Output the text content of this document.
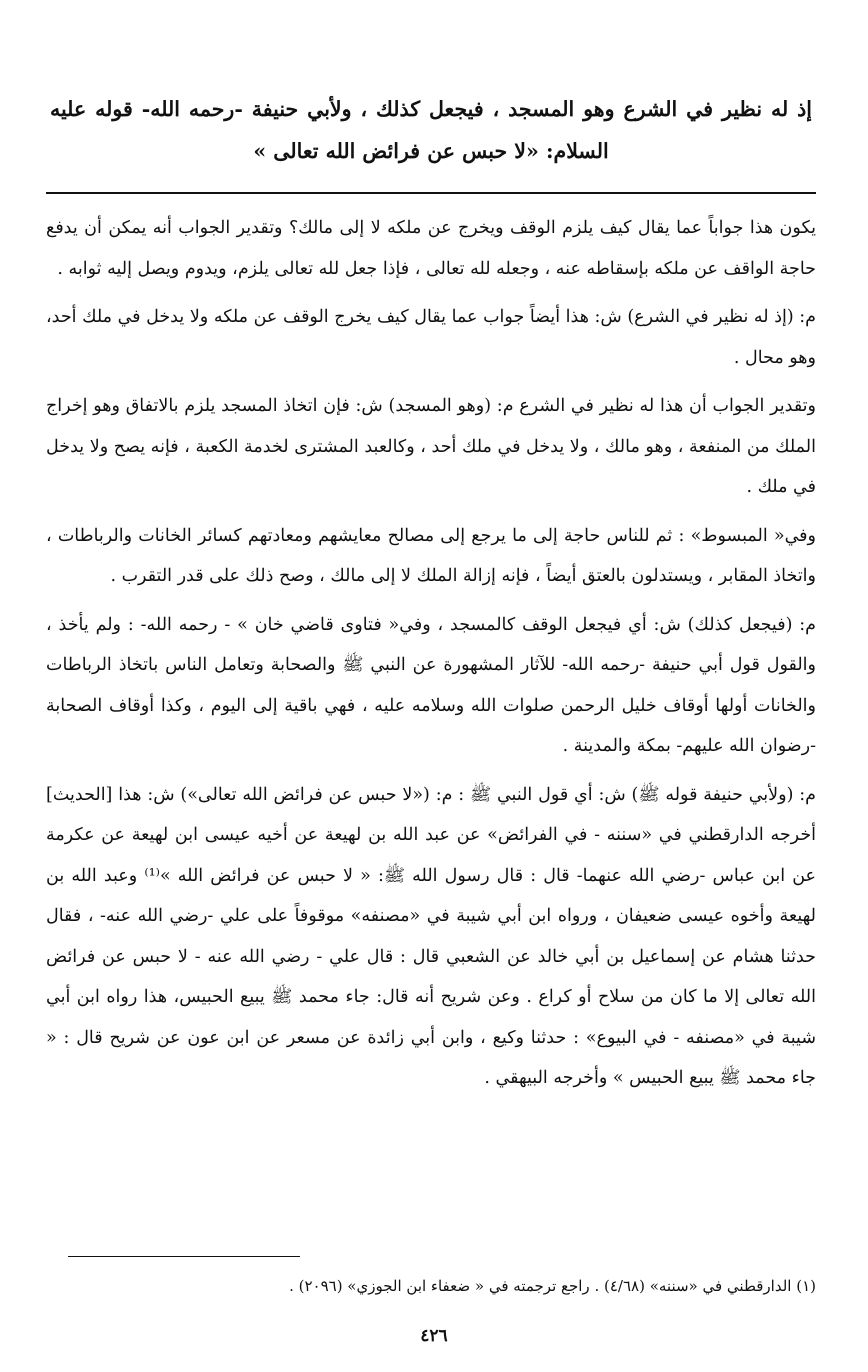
إذ له نظير في الشرع وهو المسجد ، فيجعل كذلك ، ولأبي حنيفة -رحمه الله- قوله عليه السلام: «لا حبس عن فرائض الله تعالى »

يكون هذا جواباً عما يقال كيف يلزم الوقف ويخرج عن ملكه لا إلى مالك؟ وتقدير الجواب أنه يمكن أن يدفع حاجة الواقف عن ملكه بإسقاطه عنه ، وجعله لله تعالى ، فإذا جعل لله تعالى يلزم، ويدوم ويصل إليه ثوابه .

م: (إذ له نظير في الشرع) ش: هذا أيضاً جواب عما يقال كيف يخرج الوقف عن ملكه ولا يدخل في ملك أحد، وهو محال .

وتقدير الجواب أن هذا له نظير في الشرع م: (وهو المسجد) ش: فإن اتخاذ المسجد يلزم بالاتفاق وهو إخراج الملك من المنفعة ، وهو مالك ، ولا يدخل في ملك أحد ، وكالعبد المشترى لخدمة الكعبة ، فإنه يصح ولا يدخل في ملك .

وفي« المبسوط» : ثم للناس حاجة إلى ما يرجع إلى مصالح معايشهم ومعادتهم كسائر الخانات والرباطات ، واتخاذ المقابر ، ويستدلون بالعتق أيضاً ، فإنه إزالة الملك لا إلى مالك ، وصح ذلك على قدر التقرب .

م: (فيجعل كذلك) ش: أي فيجعل الوقف كالمسجد ، وفي« فتاوى قاضي خان » - رحمه الله- : ولم يأخذ ، والقول قول أبي حنيفة -رحمه الله- للآثار المشهورة عن النبي ﷺ والصحابة وتعامل الناس باتخاذ الرباطات والخانات أولها أوقاف خليل الرحمن صلوات الله وسلامه عليه ، فهي باقية إلى اليوم ، وكذا أوقاف الصحابة -رضوان الله عليهم- بمكة والمدينة .

م: (ولأبي حنيفة قوله ﷺ) ش: أي قول النبي ﷺ : م: («لا حبس عن فرائض الله تعالى») ش: هذا [الحديث] أخرجه الدارقطني في «سننه - في الفرائض» عن عبد الله بن لهيعة عن أخيه عيسى ابن لهيعة عن عكرمة عن ابن عباس -رضي الله عنهما- قال : قال رسول الله ﷺ: « لا حبس عن فرائض الله »⁽¹⁾ وعبد الله بن لهيعة وأخوه عيسى ضعيفان ، ورواه ابن أبي شيبة في «مصنفه» موقوفاً على علي -رضي الله عنه- ، فقال حدثنا هشام عن إسماعيل بن أبي خالد عن الشعبي قال : قال علي - رضي الله عنه - لا حبس عن فرائض الله تعالى إلا ما كان من سلاح أو كراع . وعن شريح أنه قال: جاء محمد ﷺ يبيع الحبيس، هذا رواه ابن أبي شيبة في «مصنفه - في البيوع» : حدثنا وكيع ، وابن أبي زائدة عن مسعر عن ابن عون عن شريح قال : « جاء محمد ﷺ يبيع الحبيس » وأخرجه البيهقي .

(١) الدارقطني في «سننه» (٤/٦٨) . راجع ترجمته في « ضعفاء ابن الجوزي» (٢٠٩٦) .
٤٢٦
